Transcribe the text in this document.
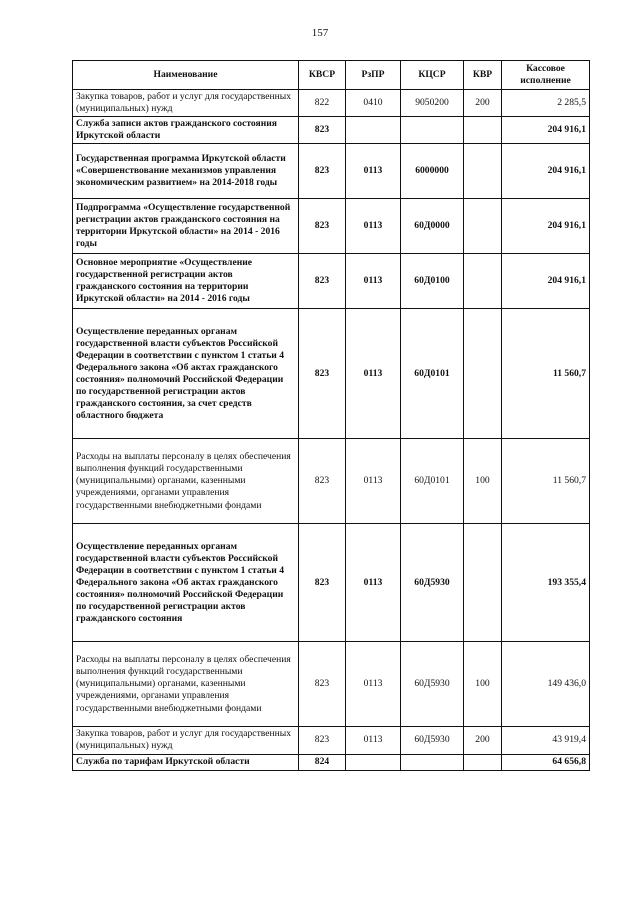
157
Наименование	КВСР	РзПР	КЦСР	КВР	Кассовое исполнение
Закупка товаров, работ и услуг для государственных (муниципальных) нужд	822	0410	9050200	200	2 285,5
Служба записи актов гражданского состояния Иркутской области	823				204 916,1
Государственная программа Иркутской области «Совершенствование механизмов управления экономическим развитием» на 2014-2018 годы	823	0113	6000000		204 916,1
Подпрограмма «Осуществление государственной регистрации актов гражданского состояния на территории Иркутской области» на 2014 - 2016 годы	823	0113	60Д0000		204 916,1
Основное мероприятие «Осуществление государственной регистрации актов гражданского состояния на территории Иркутской области» на 2014 - 2016 годы	823	0113	60Д0100		204 916,1
Осуществление переданных органам государственной власти субъектов Российской Федерации в соответствии с пунктом 1 статьи 4 Федерального закона «Об актах гражданского состояния» полномочий Российской Федерации по государственной регистрации актов гражданского состояния, за счет средств областного бюджета	823	0113	60Д0101		11 560,7
Расходы на выплаты персоналу в целях обеспечения выполнения функций государственными (муниципальными) органами, казенными учреждениями, органами управления государственными внебюджетными фондами	823	0113	60Д0101	100	11 560,7
Осуществление переданных органам государственной власти субъектов Российской Федерации в соответствии с пунктом 1 статьи 4 Федерального закона «Об актах гражданского состояния» полномочий Российской Федерации по государственной регистрации актов гражданского состояния	823	0113	60Д5930		193 355,4
Расходы на выплаты персоналу в целях обеспечения выполнения функций государственными (муниципальными) органами, казенными учреждениями, органами управления государственными внебюджетными фондами	823	0113	60Д5930	100	149 436,0
Закупка товаров, работ и услуг для государственных (муниципальных) нужд	823	0113	60Д5930	200	43 919,4
Служба по тарифам Иркутской области	824				64 656,8
